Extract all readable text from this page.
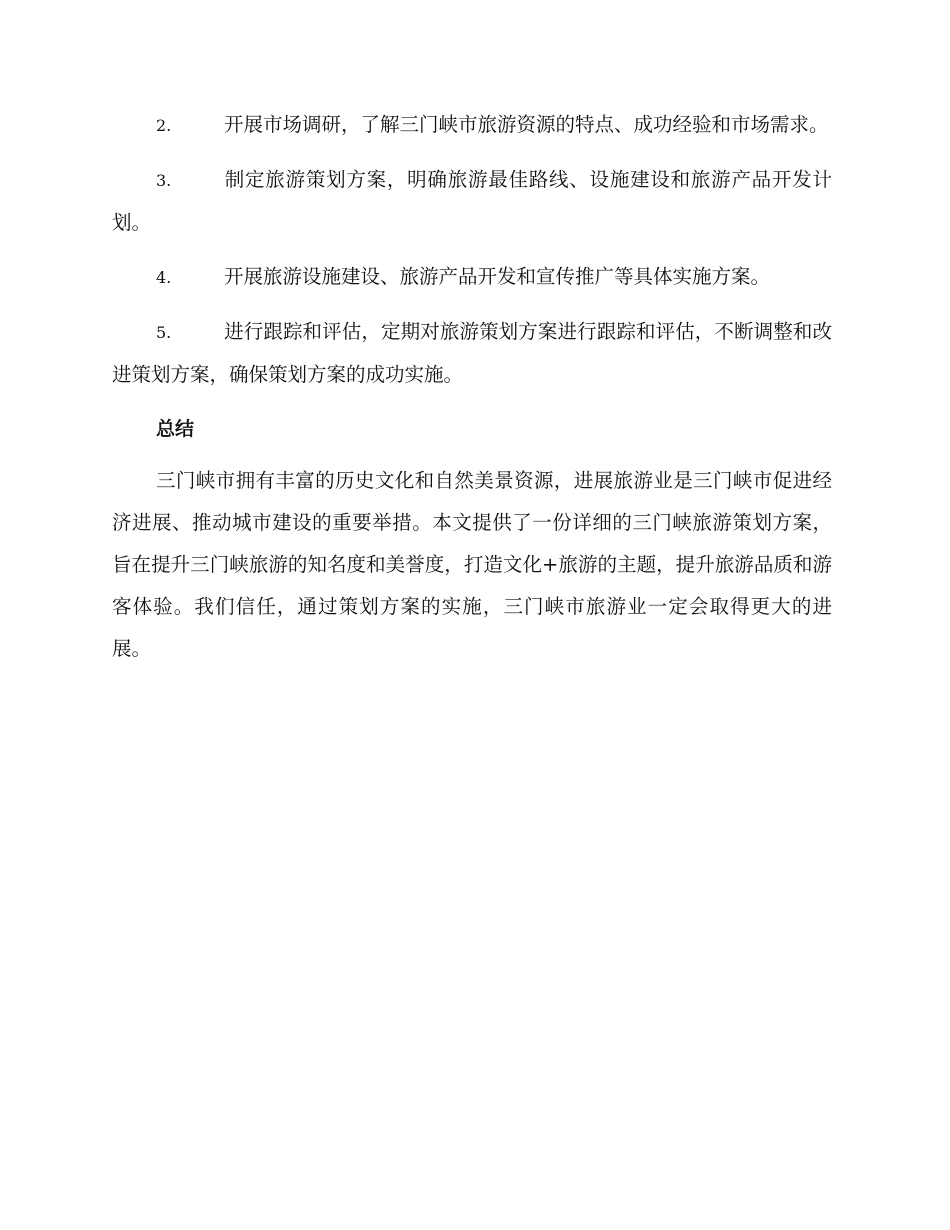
2.	开展市场调研，了解三门峡市旅游资源的特点、成功经验和市场需求。

3.	制定旅游策划方案，明确旅游最佳路线、设施建设和旅游产品开发计划。

4.	开展旅游设施建设、旅游产品开发和宣传推广等具体实施方案。

5.	进行跟踪和评估，定期对旅游策划方案进行跟踪和评估，不断调整和改进策划方案，确保策划方案的成功实施。

总结

三门峡市拥有丰富的历史文化和自然美景资源，进展旅游业是三门峡市促进经济进展、推动城市建设的重要举措。本文提供了一份详细的三门峡旅游策划方案，旨在提升三门峡旅游的知名度和美誉度，打造文化+旅游的主题，提升旅游品质和游客体验。我们信任，通过策划方案的实施，三门峡市旅游业一定会取得更大的进展。
